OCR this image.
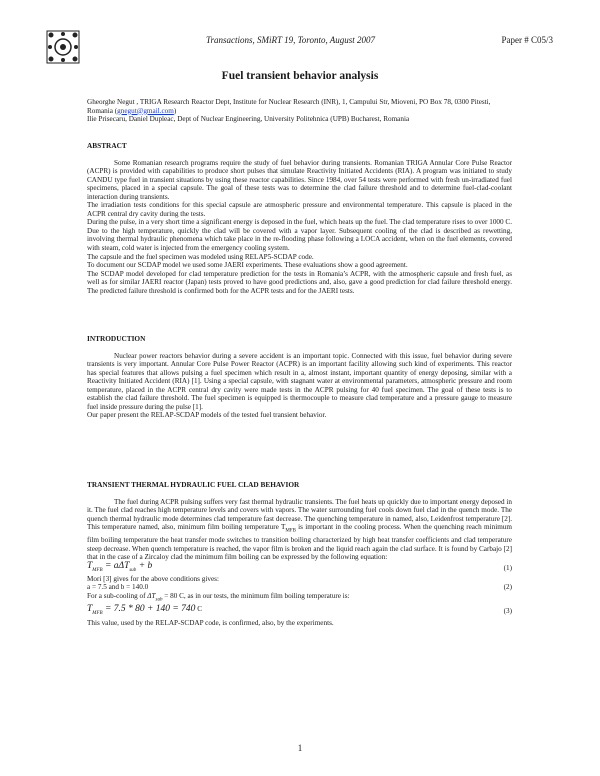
Transactions, SMiRT 19, Toronto, August 2007	Paper # C05/3
Fuel transient behavior analysis

Gheorghe Negut , TRIGA Research Reactor Dept, Institute for Nuclear Research (INR), 1, Campului Str, Mioveni, PO Box 78, 0300 Pitesti, Romania (gnegut@gmail.com)

Ilie Prisecaru, Daniel Dupleac, Dept of Nuclear Engineering, University Politehnica (UPB) Bucharest, Romania

ABSTRACT

Some Romanian research programs require the study of fuel behavior during transients. Romanian TRIGA Annular Core Pulse Reactor (ACPR) is provided with capabilities to produce short pulses that simulate Reactivity Initiated Accidents (RIA). A program was initiated to study CANDU type fuel in transient situations by using these reactor capabilities. Since 1984, over 54 tests were performed with fresh un-irradiated fuel specimens, placed in a special capsule. The goal of these tests was to determine the clad failure threshold and to determine fuel-clad-coolant interaction during transients.

The irradiation tests conditions for this special capsule are atmospheric pressure and environmental temperature. This capsule is placed in the ACPR central dry cavity during the tests.

During the pulse, in a very short time a significant energy is deposed in the fuel, which heats up the fuel. The clad temperature rises to over 1000 C. Due to the high temperature, quickly the clad will be covered with a vapor layer. Subsequent cooling of the clad is described as rewetting, involving thermal hydraulic phenomena which take place in the re-flooding phase following a LOCA accident, when on the fuel elements, covered with steam, cold water is injected from the emergency cooling system.

The capsule and the fuel specimen was modeled using RELAP5-SCDAP code.

To document our SCDAP model we used some JAERI experiments. These evaluations show a good agreement.

The SCDAP model developed for clad temperature prediction for the tests in Romania’s ACPR, with the atmospheric capsule and fresh fuel, as well as for similar JAERI reactor (Japan) tests proved to have good predictions and, also, gave a good prediction for clad failure threshold energy. The predicted failure threshold is confirmed both for the ACPR tests and for the JAERI tests.

INTRODUCTION

Nuclear power reactors behavior during a severe accident is an important topic. Connected with this issue, fuel behavior during severe transients is very important. Annular Core Pulse Power Reactor (ACPR) is an important facility allowing such kind of experiments. This reactor has special features that allows pulsing a fuel specimen which result in a, almost instant, important quantity of energy deposing, similar with a Reactivity Initiated Accident (RIA) [1]. Using a special capsule, with stagnant water at environmental parameters, atmospheric pressure and room temperature, placed in the ACPR central dry cavity were made tests in the ACPR pulsing for 40 fuel specimen. The goal of these tests is to establish the clad failure threshold. The fuel specimen is equipped is thermocouple to measure clad temperature and a pressure gauge to measure fuel inside pressure during the pulse [1].

Our paper present the RELAP-SCDAP models of the tested fuel transient behavior.

TRANSIENT THERMAL HYDRAULIC FUEL CLAD BEHAVIOR

The fuel during ACPR pulsing suffers very fast thermal hydraulic transients. The fuel heats up quickly due to important energy deposed in it. The fuel clad reaches high temperature levels and covers with vapors. The water surrounding fuel cools down fuel clad in the quench mode. The quench thermal hydraulic mode determines clad temperature fast decrease. The quenching temperature in named, also, Leidenfrost temperature [2]. This temperature named, also, minimum film boiling temperature $T_{MFB}$ is important in the cooling process. When the quenching reach minimum film boiling temperature the heat transfer mode switches to transition boiling characterized by high heat transfer coefficients and clad temperature steep decrease. When quench temperature is reached, the vapor film is broken and the liquid reach again the clad surface. It is found by Carbajo [2] that in the case of a Zircaloy clad the minimum film boiling can be expressed by the following equation:

$T_{MFB} = a\Delta T_{sub} + b$	(1)

Mori [3] gives for the above conditions gives:

a = 7.5 and b = 140.0	(2)

For a sub-cooling of $\Delta T_{sub} = 80$ C, as in our tests, the minimum film boiling temperature is:

$T_{MFB} = 7.5 * 80 + 140 = 740$ C	(3)

This value, used by the RELAP-SCDAP code, is confirmed, also, by the experiments.

1
